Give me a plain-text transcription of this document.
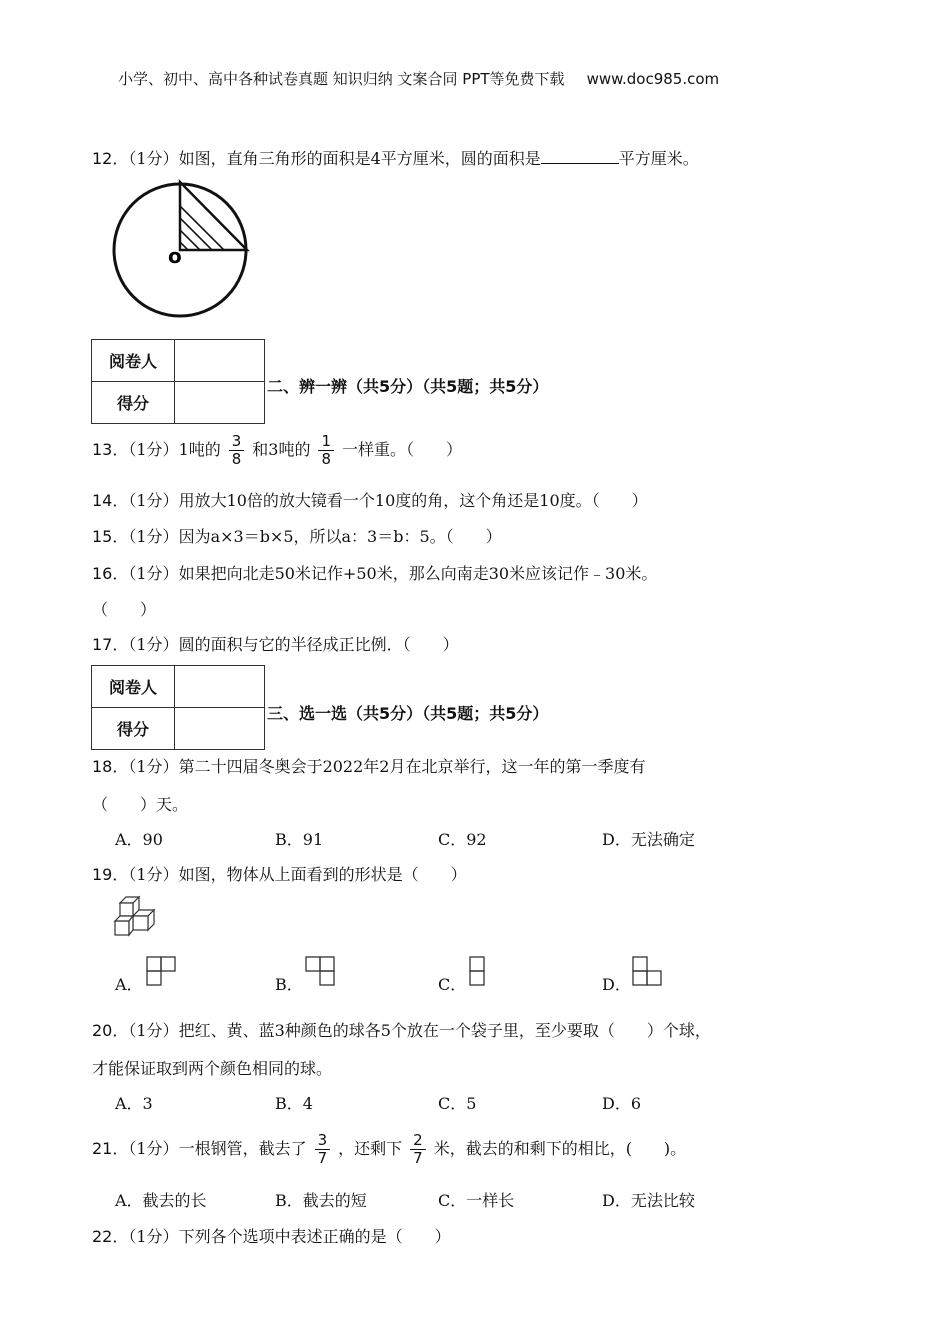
小学、初中、高中各种试卷真题 知识归纳 文案合同 PPT等免费下载 www.doc985.com
12．（1分）如图，直角三角形的面积是4平方厘米，圆的面积是	平方厘米。
o
阅卷人	
得分	
二、辨一辨（共5分）（共5题；共5分）
13．（1分）1吨的 $\frac{3}{8}$ 和3吨的 $\frac{1}{8}$ 一样重。（　　）
14．（1分）用放大10倍的放大镜看一个10度的角，这个角还是10度。（　　）
15．（1分）因为a×3＝b×5，所以a：3＝b：5。（　　）
16．（1分）如果把向北走50米记作+50米，那么向南走30米应该记作﹣30米。
（　　）
17．（1分）圆的面积与它的半径成正比例．（　　）
阅卷人	
得分	
三、选一选（共5分）（共5题；共5分）
18．（1分）第二十四届冬奥会于2022年2月在北京举行，这一年的第一季度有
（　　）天。
A．90	B．91	C．92	D．无法确定
19．（1分）如图，物体从上面看到的形状是（　　）
A．	B．	C．	D．
20．（1分）把红、黄、蓝3种颜色的球各5个放在一个袋子里，至少要取（　　）个球，
才能保证取到两个颜色相同的球。
A．3	B．4	C．5	D．6
21．（1分）一根钢管，截去了 $\frac{3}{7}$ ，还剩下 $\frac{2}{7}$ 米，截去的和剩下的相比，(　　)。
A．截去的长	B．截去的短	C．一样长	D．无法比较
22．（1分）下列各个选项中表述正确的是（　　）
